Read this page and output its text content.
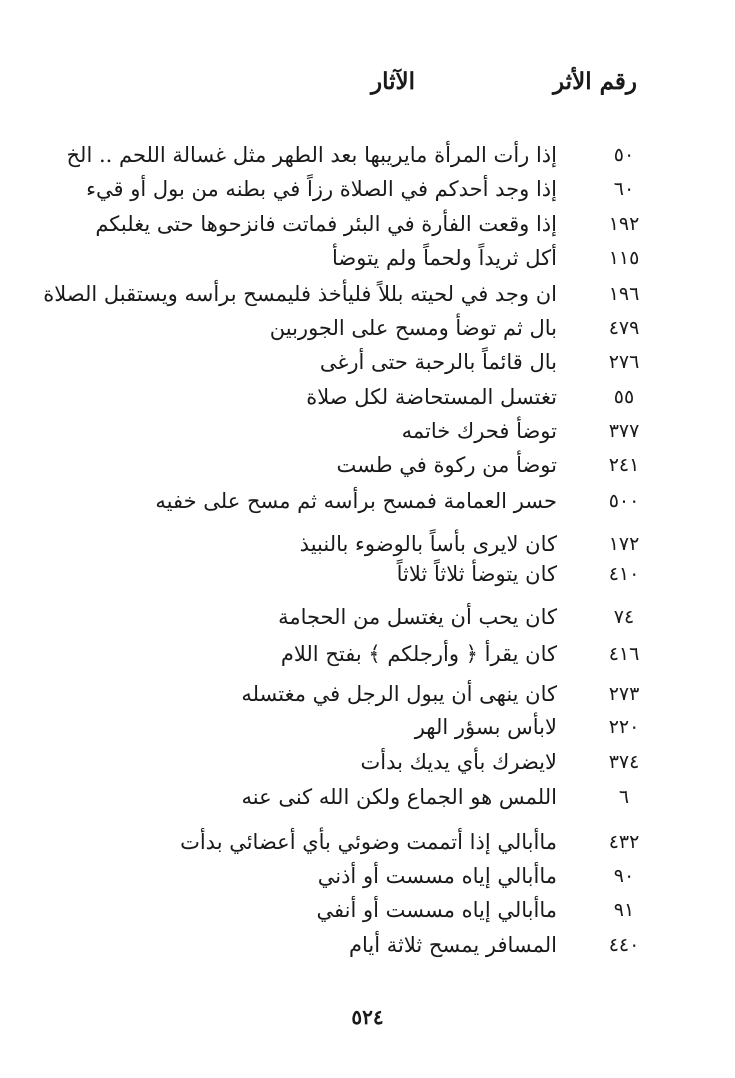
رقم الأثر
الآثار
٥٠
إذا رأت المرأة مايريبها بعد الطهر مثل غسالة اللحم .. الخ
٦٠
إذا وجد أحدكم في الصلاة رزاً في بطنه من بول أو قيء
١٩٢
إذا وقعت الفأرة في البئر فماتت فانزحوها حتى يغلبكم
١١٥
أكل ثريداً ولحماً ولم يتوضأ
١٩٦
ان وجد في لحيته بللاً فليأخذ فليمسح برأسه ويستقبل الصلاة
٤٧٩
بال ثم توضأ ومسح على الجوربين
٢٧٦
بال قائماً بالرحبة حتى أرغى
٥٥
تغتسل المستحاضة لكل صلاة
٣٧٧
توضأ فحرك خاتمه
٢٤١
توضأ من ركوة في طست
٥٠٠
حسر العمامة فمسح برأسه ثم مسح على خفيه
١٧٢
كان لايرى بأساً بالوضوء بالنبيذ
٤١٠
كان يتوضأ ثلاثاً ثلاثاً
٧٤
كان يحب أن يغتسل من الحجامة
٤١٦
كان يقرأ ﴿ وأرجلكم ﴾ بفتح اللام
٢٧٣
كان ينهى أن يبول الرجل في مغتسله
٢٢٠
لابأس بسؤر الهر
٣٧٤
لايضرك بأي يديك بدأت
٦
اللمس هو الجماع ولكن الله كنى عنه
٤٣٢
ماأبالي إذا أتممت وضوئي بأي أعضائي بدأت
٩٠
ماأبالي إياه مسست أو أذني
٩١
ماأبالي إياه مسست أو أنفي
٤٤٠
المسافر يمسح ثلاثة أيام
٥٢٤
